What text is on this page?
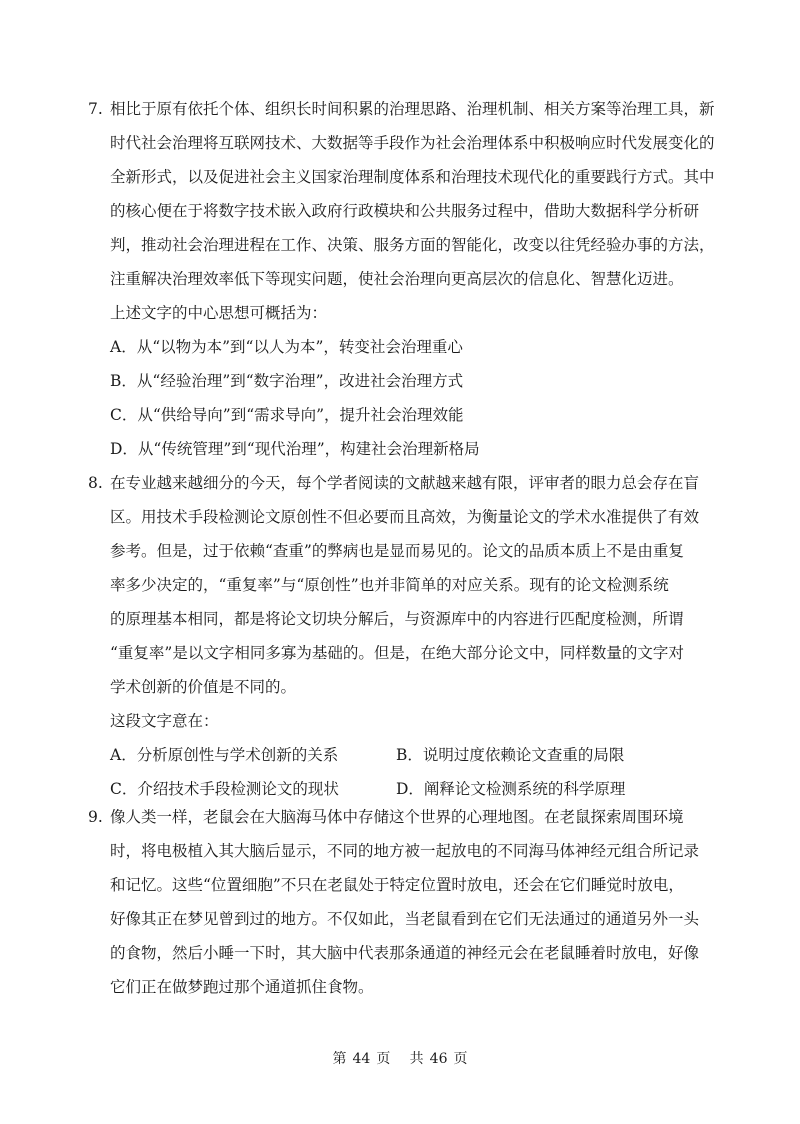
7. 相比于原有依托个体、组织长时间积累的治理思路、治理机制、相关方案等治理工具，新
时代社会治理将互联网技术、大数据等手段作为社会治理体系中积极响应时代发展变化的
全新形式，以及促进社会主义国家治理制度体系和治理技术现代化的重要践行方式。其中
的核心便在于将数字技术嵌入政府行政模块和公共服务过程中，借助大数据科学分析研
判，推动社会治理进程在工作、决策、服务方面的智能化，改变以往凭经验办事的方法，
注重解决治理效率低下等现实问题，使社会治理向更高层次的信息化、智慧化迈进。
上述文字的中心思想可概括为：
A．从“以物为本”到“以人为本”，转变社会治理重心
B．从“经验治理”到“数字治理”，改进社会治理方式
C．从“供给导向”到“需求导向”，提升社会治理效能
D．从“传统管理”到“现代治理”，构建社会治理新格局
8. 在专业越来越细分的今天，每个学者阅读的文献越来越有限，评审者的眼力总会存在盲
区。用技术手段检测论文原创性不但必要而且高效，为衡量论文的学术水准提供了有效
参考。但是，过于依赖“查重”的弊病也是显而易见的。论文的品质本质上不是由重复
率多少决定的，“重复率”与“原创性”也并非简单的对应关系。现有的论文检测系统
的原理基本相同，都是将论文切块分解后，与资源库中的内容进行匹配度检测，所谓
“重复率”是以文字相同多寡为基础的。但是，在绝大部分论文中，同样数量的文字对
学术创新的价值是不同的。
这段文字意在：
A．分析原创性与学术创新的关系	B．说明过度依赖论文查重的局限
C．介绍技术手段检测论文的现状	D．阐释论文检测系统的科学原理
9. 像人类一样，老鼠会在大脑海马体中存储这个世界的心理地图。在老鼠探索周围环境
时，将电极植入其大脑后显示，不同的地方被一起放电的不同海马体神经元组合所记录
和记忆。这些“位置细胞”不只在老鼠处于特定位置时放电，还会在它们睡觉时放电，
好像其正在梦见曾到过的地方。不仅如此，当老鼠看到在它们无法通过的通道另外一头
的食物，然后小睡一下时，其大脑中代表那条通道的神经元会在老鼠睡着时放电，好像
它们正在做梦跑过那个通道抓住食物。
第 44 页 共 46 页
